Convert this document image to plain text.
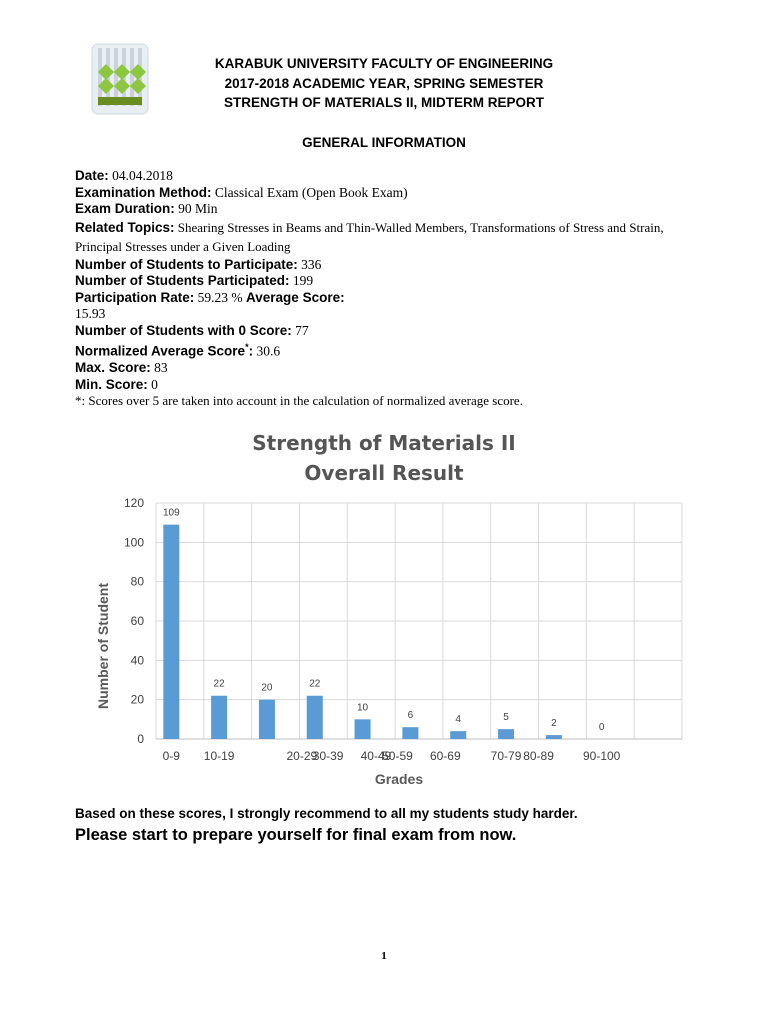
KARABUK UNIVERSITY FACULTY OF ENGINEERING
2017-2018 ACADEMIC YEAR, SPRING SEMESTER
STRENGTH OF MATERIALS II, MIDTERM REPORT
GENERAL INFORMATION
Date: 04.04.2018
Examination Method: Classical Exam (Open Book Exam)
Exam Duration: 90 Min
Related Topics: Shearing Stresses in Beams and Thin-Walled Members, Transformations of Stress and Strain, Principal Stresses under a Given Loading
Number of Students to Participate: 336
Number of Students Participated: 199
Participation Rate: 59.23 % Average Score:
15.93
Number of Students with 0 Score: 77
Normalized Average Score*: 30.6
Max. Score: 83
Min. Score: 0
*: Scores over 5 are taken into account in the calculation of normalized average score.
Strength of Materials II
Overall Result
0
20
40
60
80
100
120
109
22	20	22
10
6	4	5
2	0
0-9 10-19	20-29
30-39 40-49
50-59 60-69	70-79 80-89 90-100
Grades
Number of Student
Based on these scores, I strongly recommend to all my students study harder.
Please start to prepare yourself for final exam from now.
1
